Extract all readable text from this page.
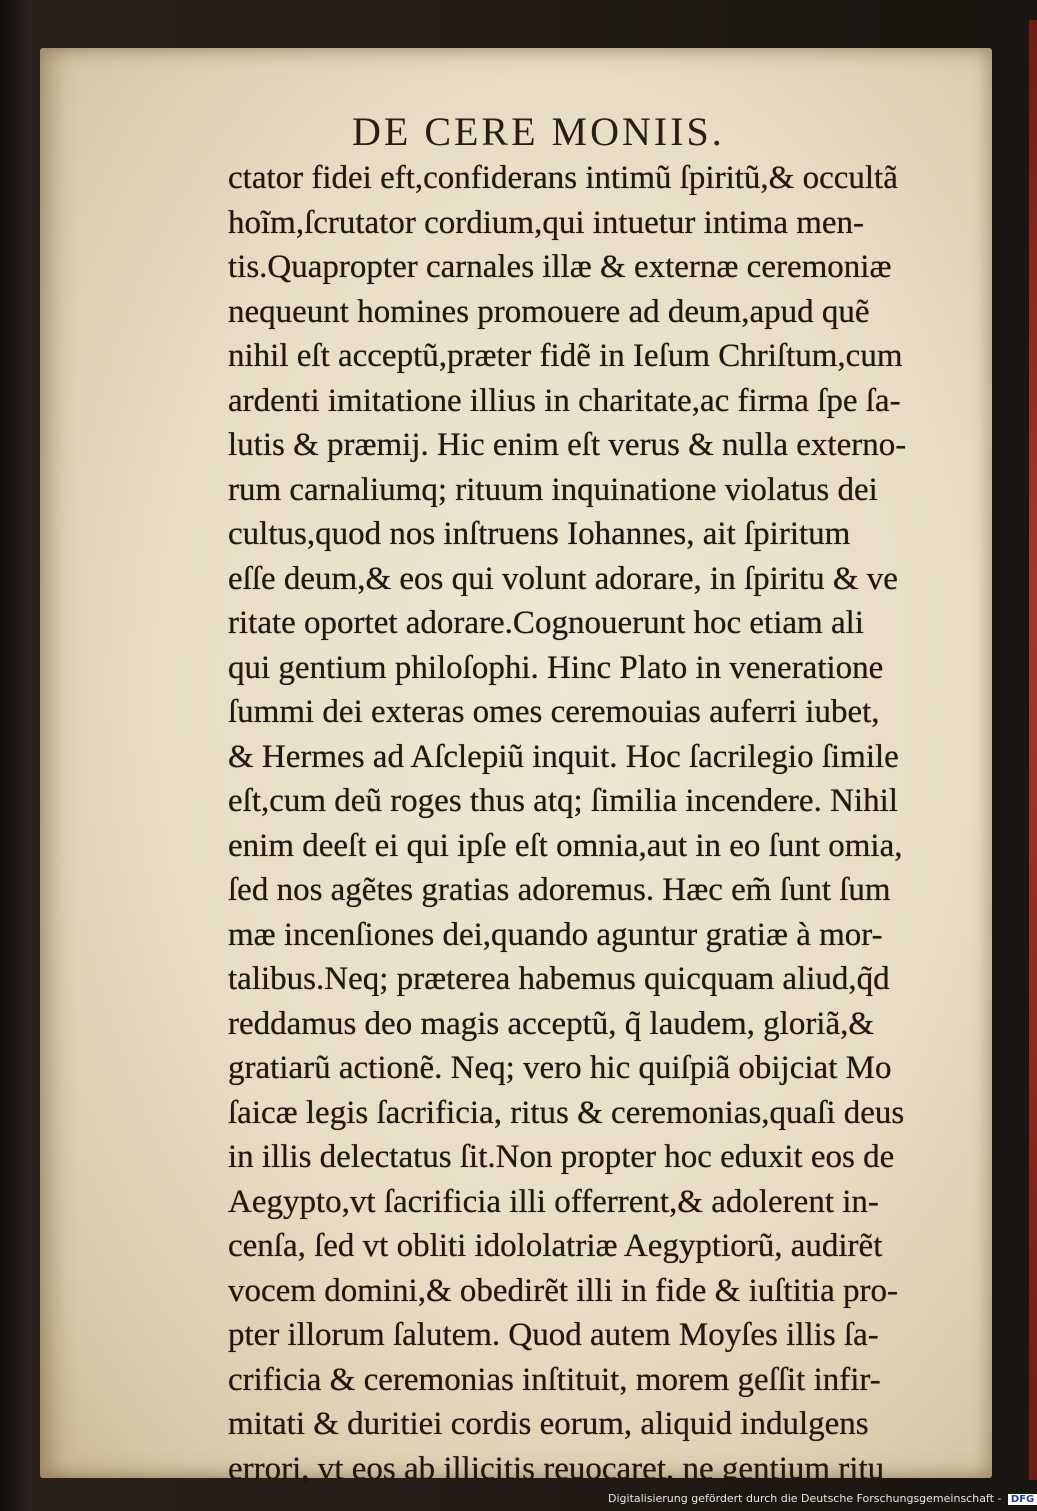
DE CERE MONIIS.
ctator fidei eft,confiderans intimũ ſpiritũ,& occultã
hoĩm,ſcrutator cordium,qui intuetur intima men-
tis.Quapropter carnales illæ & externæ ceremoniæ
nequeunt homines promouere ad deum,apud quẽ
nihil eſt acceptũ,præter fidẽ in Ieſum Chriſtum,cum
ardenti imitatione illius in charitate,ac firma ſpe ſa-
lutis & præmij. Hic enim eſt verus & nulla externo-
rum carnaliumq; rituum inquinatione violatus dei
cultus,quod nos inſtruens Iohannes, ait ſpiritum
eſſe deum,& eos qui volunt adorare, in ſpiritu & ve
ritate oportet adorare.Cognouerunt hoc etiam ali
qui gentium philoſophi. Hinc Plato in veneratione
ſummi dei exteras omes ceremouias auferri iubet,
& Hermes ad Aſclepiũ inquit. Hoc ſacrilegio ſimile
eſt,cum deũ roges thus atq; ſimilia incendere. Nihil
enim deeſt ei qui ipſe eſt omnia,aut in eo ſunt omia,
ſed nos agẽtes gratias adoremus. Hæc em̃ ſunt ſum
mæ incenſiones dei,quando aguntur gratiæ à mor-
talibus.Neq; præterea habemus quicquam aliud,q̃d
reddamus deo magis acceptũ, q̃ laudem, gloriã,&
gratiarũ actionẽ. Neq; vero hic quiſpiã obijciat Mo
ſaicæ legis ſacrificia, ritus & ceremonias,quaſi deus
in illis delectatus ſit.Non propter hoc eduxit eos de
Aegypto,vt ſacrificia illi offerrent,& adolerent in-
cenſa, ſed vt obliti idololatriæ Aegyptiorũ, audirẽt
vocem domini,& obedirẽt illi in fide & iuſtitia pro-
pter illorum ſalutem. Quod autem Moyſes illis ſa-
crificia & ceremonias inſtituit, morem geſſit infir-
mitati & duritiei cordis eorum, aliquid indulgens
errori, vt eos ab illicitis reuocaret, ne gentium ritu
Digitalisierung gefördert durch die Deutsche Forschungsgemeinschaft - DFG
